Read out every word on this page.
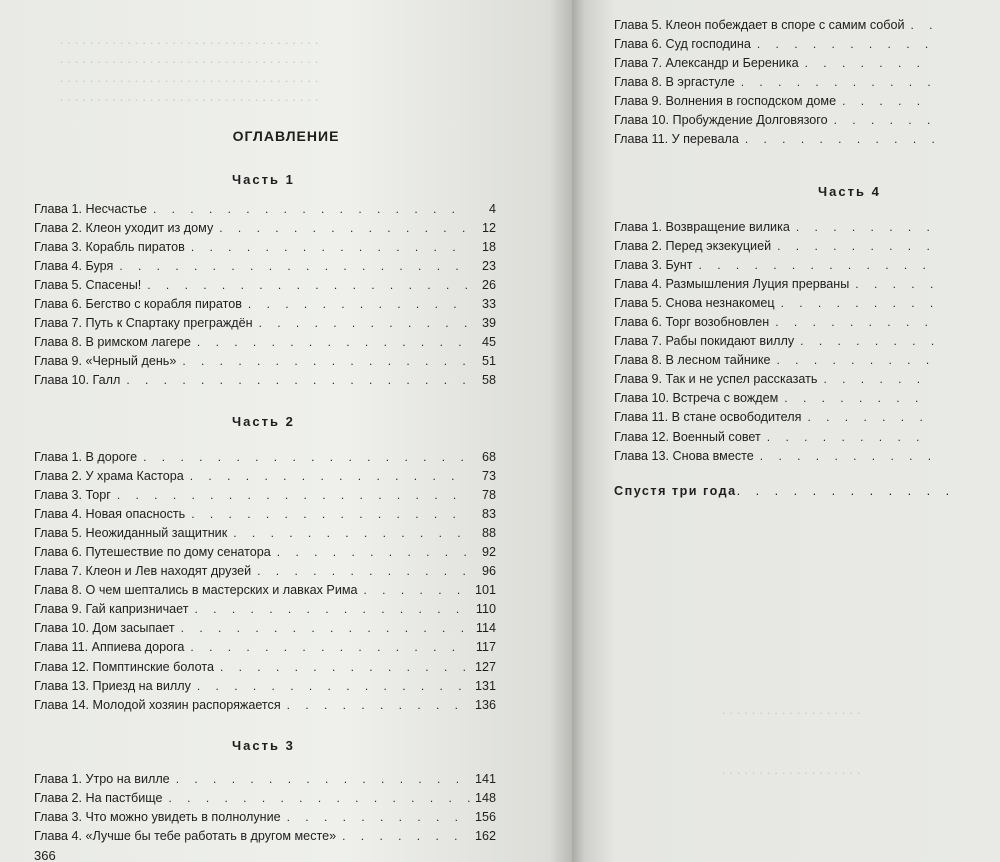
. . . . . . . . . . . . . . . . . . . . . . . . . . . . . . . . . . .
. . . . . . . . . . . . . . . . . . . . . . . . . . . . . . . . . . .
. . . . . . . . . . . . . . . . . . . . . . . . . . . . . . . . . . .
. . . . . . . . . . . . . . . . . . . . . . . . . . . . . . . . . . .
ОГЛАВЛЕНИЕ
Часть 1
Глава 1. Несчастье . . .	4
Глава 2. Клеон уходит из дому . . .	12
Глава 3. Корабль пиратов . . .	18
Глава 4. Буря . . .	23
Глава 5. Спасены! . . .	26
Глава 6. Бегство с корабля пиратов . . .	33
Глава 7. Путь к Спартаку преграждён . . .	39
Глава 8. В римском лагере . . .	45
Глава 9. «Черный день» . . .	51
Глава 10. Галл . . .	58
Часть 2
Глава 1. В дороге . . .	68
Глава 2. У храма Кастора . . .	73
Глава 3. Торг . . .	78
Глава 4. Новая опасность . . .	83
Глава 5. Неожиданный защитник . . .	88
Глава 6. Путешествие по дому сенатора . . .	92
Глава 7. Клеон и Лев находят друзей . . .	96
Глава 8. О чем шептались в мастерских и лавках Рима . . .	101
Глава 9. Гай капризничает . . .	110
Глава 10. Дом засыпает . . .	114
Глава 11. Аппиева дорога . . .	117
Глава 12. Помптинские болота . . .	127
Глава 13. Приезд на виллу . . .	131
Глава 14. Молодой хозяин распоряжается . . .	136
Часть 3
Глава 1. Утро на вилле . . .	141
Глава 2. На пастбище . . .	148
Глава 3. Что можно увидеть в полнолуние . . .	156
Глава 4. «Лучше бы тебе работать в другом месте» . . .	162
366
Глава 5. Клеон побеждает в споре с самим собой
. . .
Глава 6. Суд господина
. . .
Глава 7. Александр и Береника
. . .
Глава 8. В эргастуле
. . .
Глава 9. Волнения в господском доме
. . .
Глава 10. Пробуждение Долговязого
. . .
Глава 11. У перевала
. . .
Часть 4
Глава 1. Возвращение вилика
. . .
Глава 2. Перед экзекуцией
. . .
Глава 3. Бунт
. . .
Глава 4. Размышления Луция прерваны
. . .
Глава 5. Снова незнакомец
. . .
Глава 6. Торг возобновлен
. . .
Глава 7. Рабы покидают виллу
. . .
Глава 8. В лесном тайнике
. . .
Глава 9. Так и не успел рассказать
. . .
Глава 10. Встреча с вождем
. . .
Глава 11. В стане освободителя
. . .
Глава 12. Военный совет
. . .
Глава 13. Снова вместе
. . .
Спустя три года
. . .
. . . . . . . . . . . . . . . . . . .
. . . . . . . . . . . . . . . . . . .
